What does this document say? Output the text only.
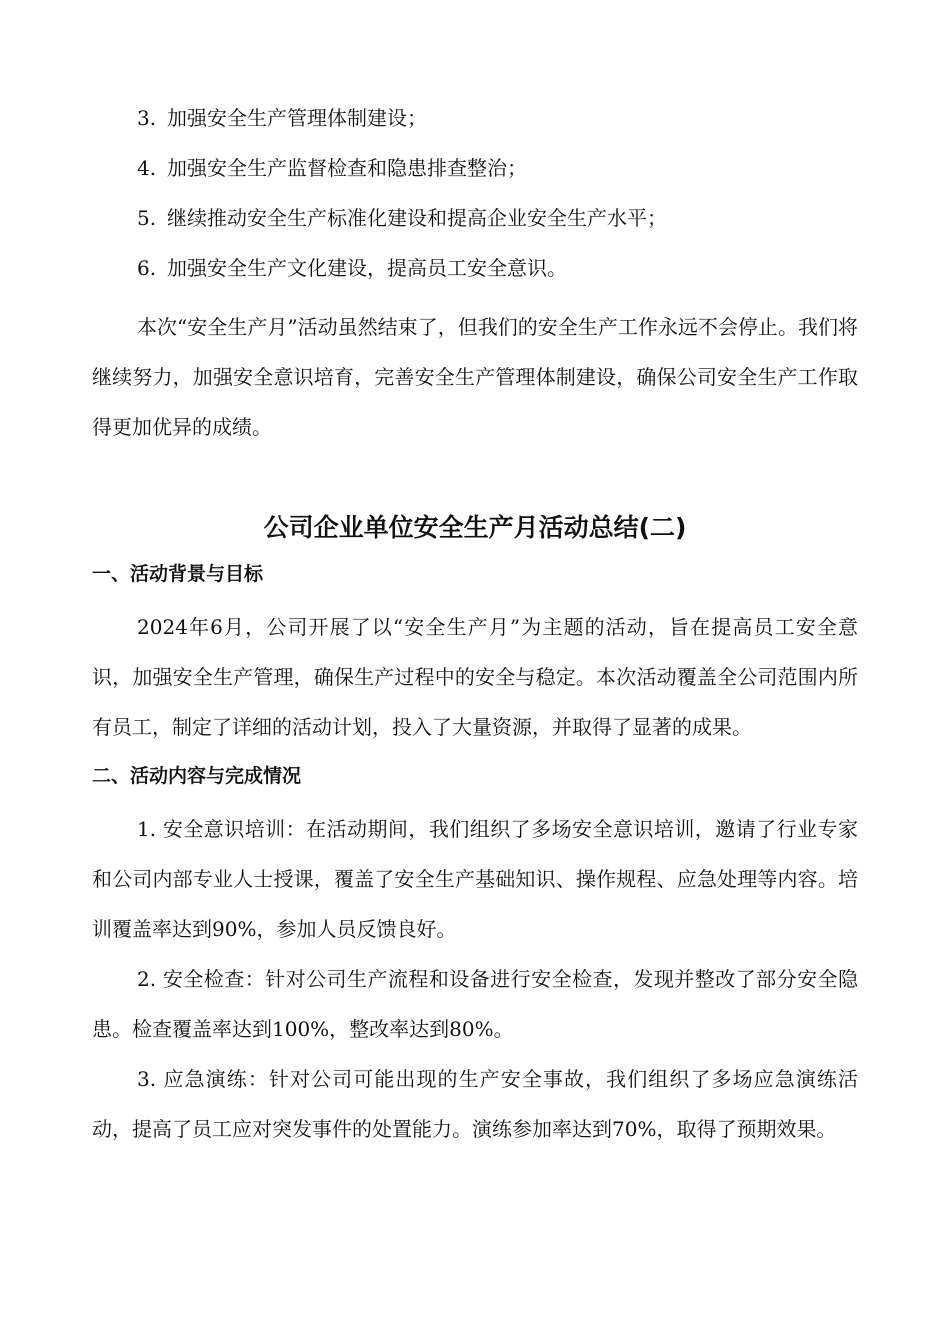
3. 加强安全生产管理体制建设；
4. 加强安全生产监督检查和隐患排查整治；
5. 继续推动安全生产标准化建设和提高企业安全生产水平；
6. 加强安全生产文化建设，提高员工安全意识。

本次“安全生产月”活动虽然结束了，但我们的安全生产工作永远不会停止。我们将继续努力，加强安全意识培育，完善安全生产管理体制建设，确保公司安全生产工作取得更加优异的成绩。

公司企业单位安全生产月活动总结(二)
一、活动背景与目标

2024年6月，公司开展了以“安全生产月”为主题的活动，旨在提高员工安全意识，加强安全生产管理，确保生产过程中的安全与稳定。本次活动覆盖全公司范围内所有员工，制定了详细的活动计划，投入了大量资源，并取得了显著的成果。

二、活动内容与完成情况

1. 安全意识培训：在活动期间，我们组织了多场安全意识培训，邀请了行业专家和公司内部专业人士授课，覆盖了安全生产基础知识、操作规程、应急处理等内容。培训覆盖率达到90%，参加人员反馈良好。

2. 安全检查：针对公司生产流程和设备进行安全检查，发现并整改了部分安全隐患。检查覆盖率达到100%，整改率达到80%。

3. 应急演练：针对公司可能出现的生产安全事故，我们组织了多场应急演练活动，提高了员工应对突发事件的处置能力。演练参加率达到70%，取得了预期效果。
